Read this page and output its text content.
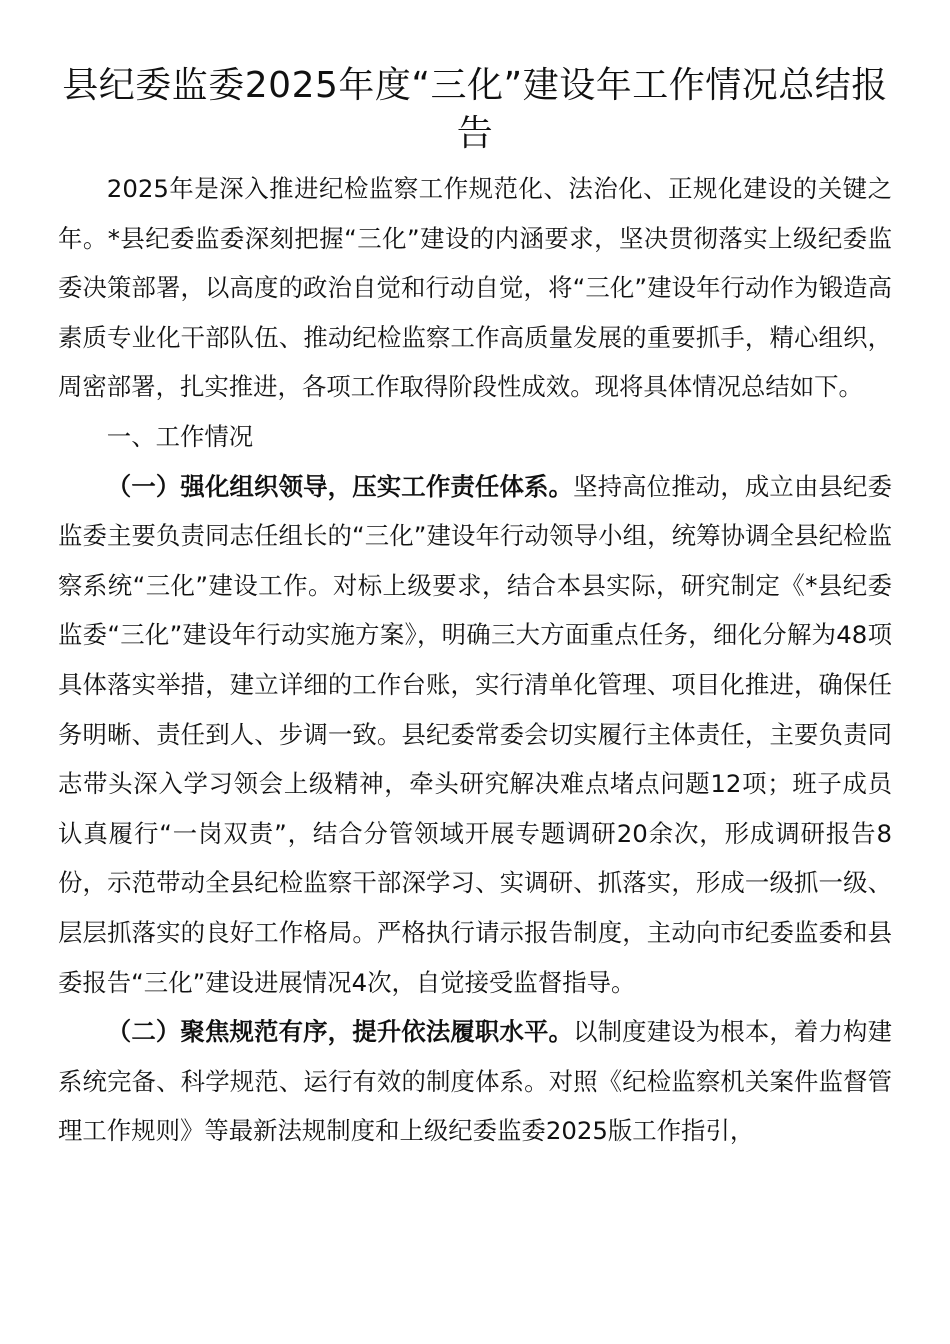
县纪委监委2025年度“三化”建设年工作情况总结报告

2025年是深入推进纪检监察工作规范化、法治化、正规化建设的关键之年。*县纪委监委深刻把握“三化”建设的内涵要求，坚决贯彻落实上级纪委监委决策部署，以高度的政治自觉和行动自觉，将“三化”建设年行动作为锻造高素质专业化干部队伍、推动纪检监察工作高质量发展的重要抓手，精心组织，周密部署，扎实推进，各项工作取得阶段性成效。现将具体情况总结如下。

一、工作情况

（一）强化组织领导，压实工作责任体系。坚持高位推动，成立由县纪委监委主要负责同志任组长的“三化”建设年行动领导小组，统筹协调全县纪检监察系统“三化”建设工作。对标上级要求，结合本县实际，研究制定《*县纪委监委“三化”建设年行动实施方案》，明确三大方面重点任务，细化分解为48项具体落实举措，建立详细的工作台账，实行清单化管理、项目化推进，确保任务明晰、责任到人、步调一致。县纪委常委会切实履行主体责任，主要负责同志带头深入学习领会上级精神，牵头研究解决难点堵点问题12项；班子成员认真履行“一岗双责”，结合分管领域开展专题调研20余次，形成调研报告8份，示范带动全县纪检监察干部深学习、实调研、抓落实，形成一级抓一级、层层抓落实的良好工作格局。严格执行请示报告制度，主动向市纪委监委和县委报告“三化”建设进展情况4次，自觉接受监督指导。

（二）聚焦规范有序，提升依法履职水平。以制度建设为根本，着力构建系统完备、科学规范、运行有效的制度体系。对照《纪检监察机关案件监督管理工作规则》等最新法规制度和上级纪委监委2025版工作指引，
